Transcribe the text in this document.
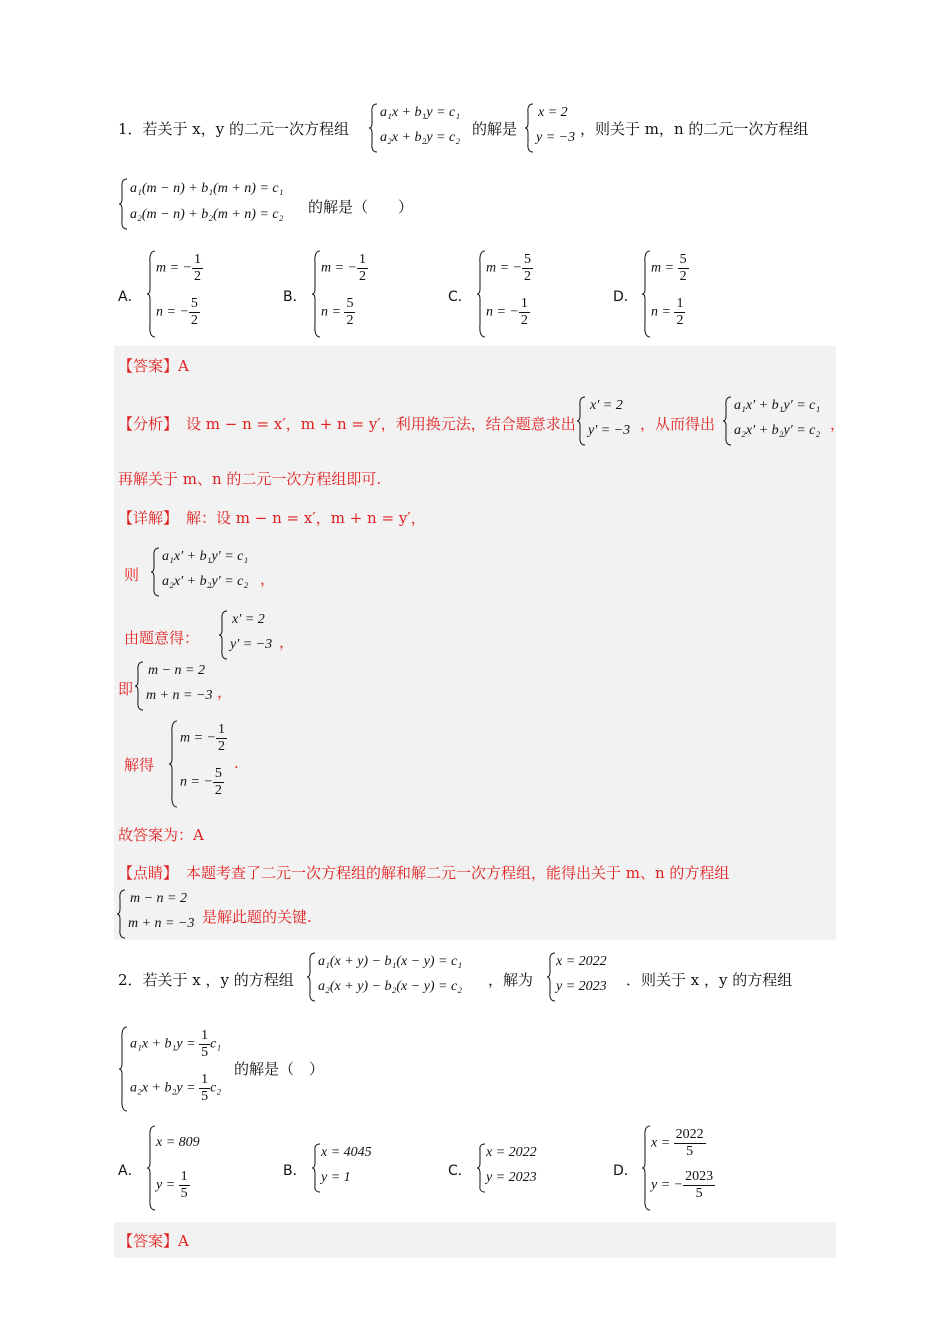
1．若关于 x，y 的二元一次方程组
a₁x + b₁y = c₁
a₂x + b₂y = c₂ 的解是
x = 2
y = −3 ，则关于 m，n 的二元一次方程组
a₁(m − n) + b₁(m + n) = c₁
a₂(m − n) + b₂(m + n) = c₂ 的解是（　　）
A．
m = − $\frac{1}{2}$
n = − $\frac{5}{2}$	B．
m = − $\frac{1}{2}$
$n = \frac{5}{2}$	C．
m = − $\frac{5}{2}$
n = − $\frac{1}{2}$	D．
$m = \frac{5}{2}$
$n = \frac{1}{2}$
【答案】A
【分析】 设 m − n = x′，m + n = y′，利用换元法，结合题意求出
x′ = 2
y′ = −3 ，从而得出
a₁x′ + b₁y′ = c₁
a₂x′ + b₂y′ = c₂ ，
再解关于 m、n 的二元一次方程组即可.
【详解】 解：设 m − n = x′，m + n = y′，
则
a₁x′ + b₁y′ = c₁
a₂x′ + b₂y′ = c₂ ，
由题意得：
x′ = 2
y′ = −3 ，
即
m − n = 2
m + n = −3 ，
解得
m = − $\frac{1}{2}$
n = − $\frac{5}{2}$
.
故答案为：A
【点睛】 本题考查了二元一次方程组的解和解二元一次方程组，能得出关于 m、n 的方程组
m − n = 2
m + n = −3 是解此题的关键.
2．若关于 x ，y 的方程组
a₁(x + y) − b₁(x − y) = c₁
a₂(x + y) − b₂(x − y) = c₂ ，解为
x = 2022
y = 2023 ．则关于 x ，y 的方程组
$a_1x + b_1y = \frac{1}{5} c_1$
$a_2x + b_2y = \frac{1}{5} c_2$
的解是（　）
A．
x = 809
$y = \frac{1}{5}$	B．
x = 4045
y = 1	C．
x = 2022
y = 2023	D．
$x = \frac{2022}{5}$
y = − $\frac{2023}{5}$
【答案】A
